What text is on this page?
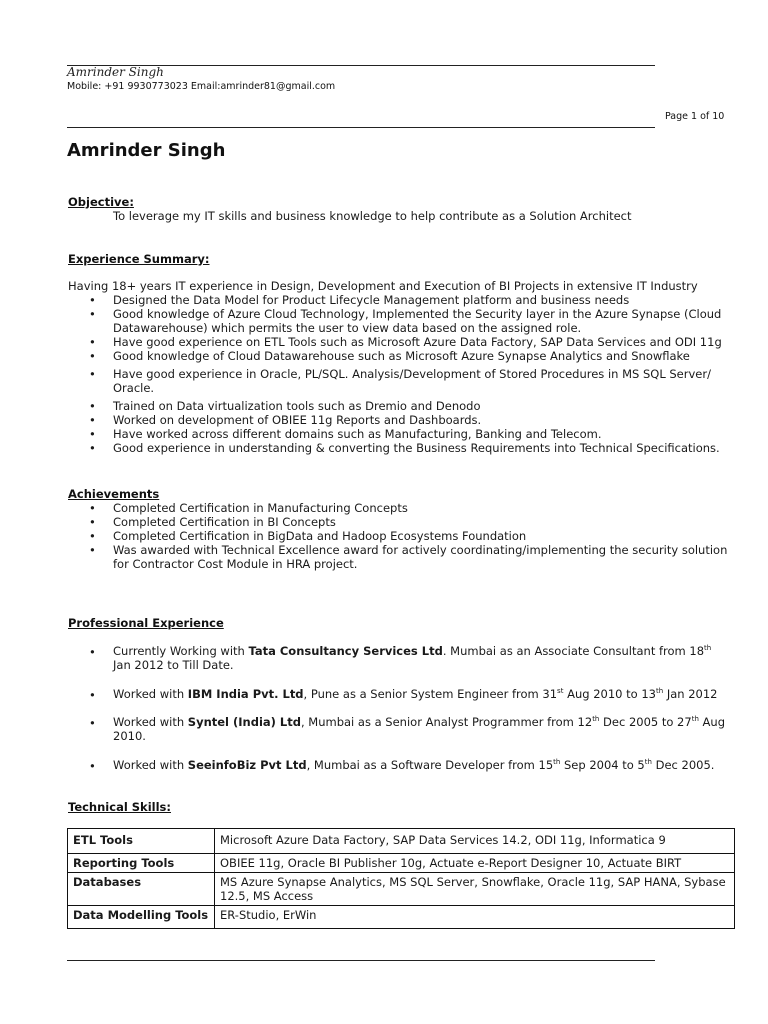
Amrinder Singh
Mobile: +91 9930773023 Email:amrinder81@gmail.com
Page 1 of 10
Amrinder Singh
Objective:
To leverage my IT skills and business knowledge to help contribute as a Solution Architect
Experience Summary:
Having 18+ years IT experience in Design, Development and Execution of BI Projects in extensive IT Industry
• Designed the Data Model for Product Lifecycle Management platform and business needs
• Good knowledge of Azure Cloud Technology, Implemented the Security layer in the Azure Synapse (Cloud Datawarehouse) which permits the user to view data based on the assigned role.
• Have good experience on ETL Tools such as Microsoft Azure Data Factory, SAP Data Services and ODI 11g
• Good knowledge of Cloud Datawarehouse such as Microsoft Azure Synapse Analytics and Snowflake
• Have good experience in Oracle, PL/SQL. Analysis/Development of Stored Procedures in MS SQL Server/ Oracle.
• Trained on Data virtualization tools such as Dremio and Denodo
• Worked on development of OBIEE 11g Reports and Dashboards.
• Have worked across different domains such as Manufacturing, Banking and Telecom.
• Good experience in understanding & converting the Business Requirements into Technical Specifications.
Achievements
• Completed Certification in Manufacturing Concepts
• Completed Certification in BI Concepts
• Completed Certification in BigData and Hadoop Ecosystems Foundation
• Was awarded with Technical Excellence award for actively coordinating/implementing the security solution for Contractor Cost Module in HRA project.
Professional Experience
• Currently Working with Tata Consultancy Services Ltd. Mumbai as an Associate Consultant from 18th Jan 2012 to Till Date.
• Worked with IBM India Pvt. Ltd, Pune as a Senior System Engineer from 31st Aug 2010 to 13th Jan 2012
• Worked with Syntel (India) Ltd, Mumbai as a Senior Analyst Programmer from 12th Dec 2005 to 27th Aug 2010.
• Worked with SeeinfoBiz Pvt Ltd, Mumbai as a Software Developer from 15th Sep 2004 to 5th Dec 2005.
Technical Skills:
ETL Tools	Microsoft Azure Data Factory, SAP Data Services 14.2, ODI 11g, Informatica 9
Reporting Tools	OBIEE 11g, Oracle BI Publisher 10g, Actuate e-Report Designer 10, Actuate BIRT
Databases	MS Azure Synapse Analytics, MS SQL Server, Snowflake, Oracle 11g, SAP HANA, Sybase 12.5, MS Access
Data Modelling Tools	ER-Studio, ErWin
